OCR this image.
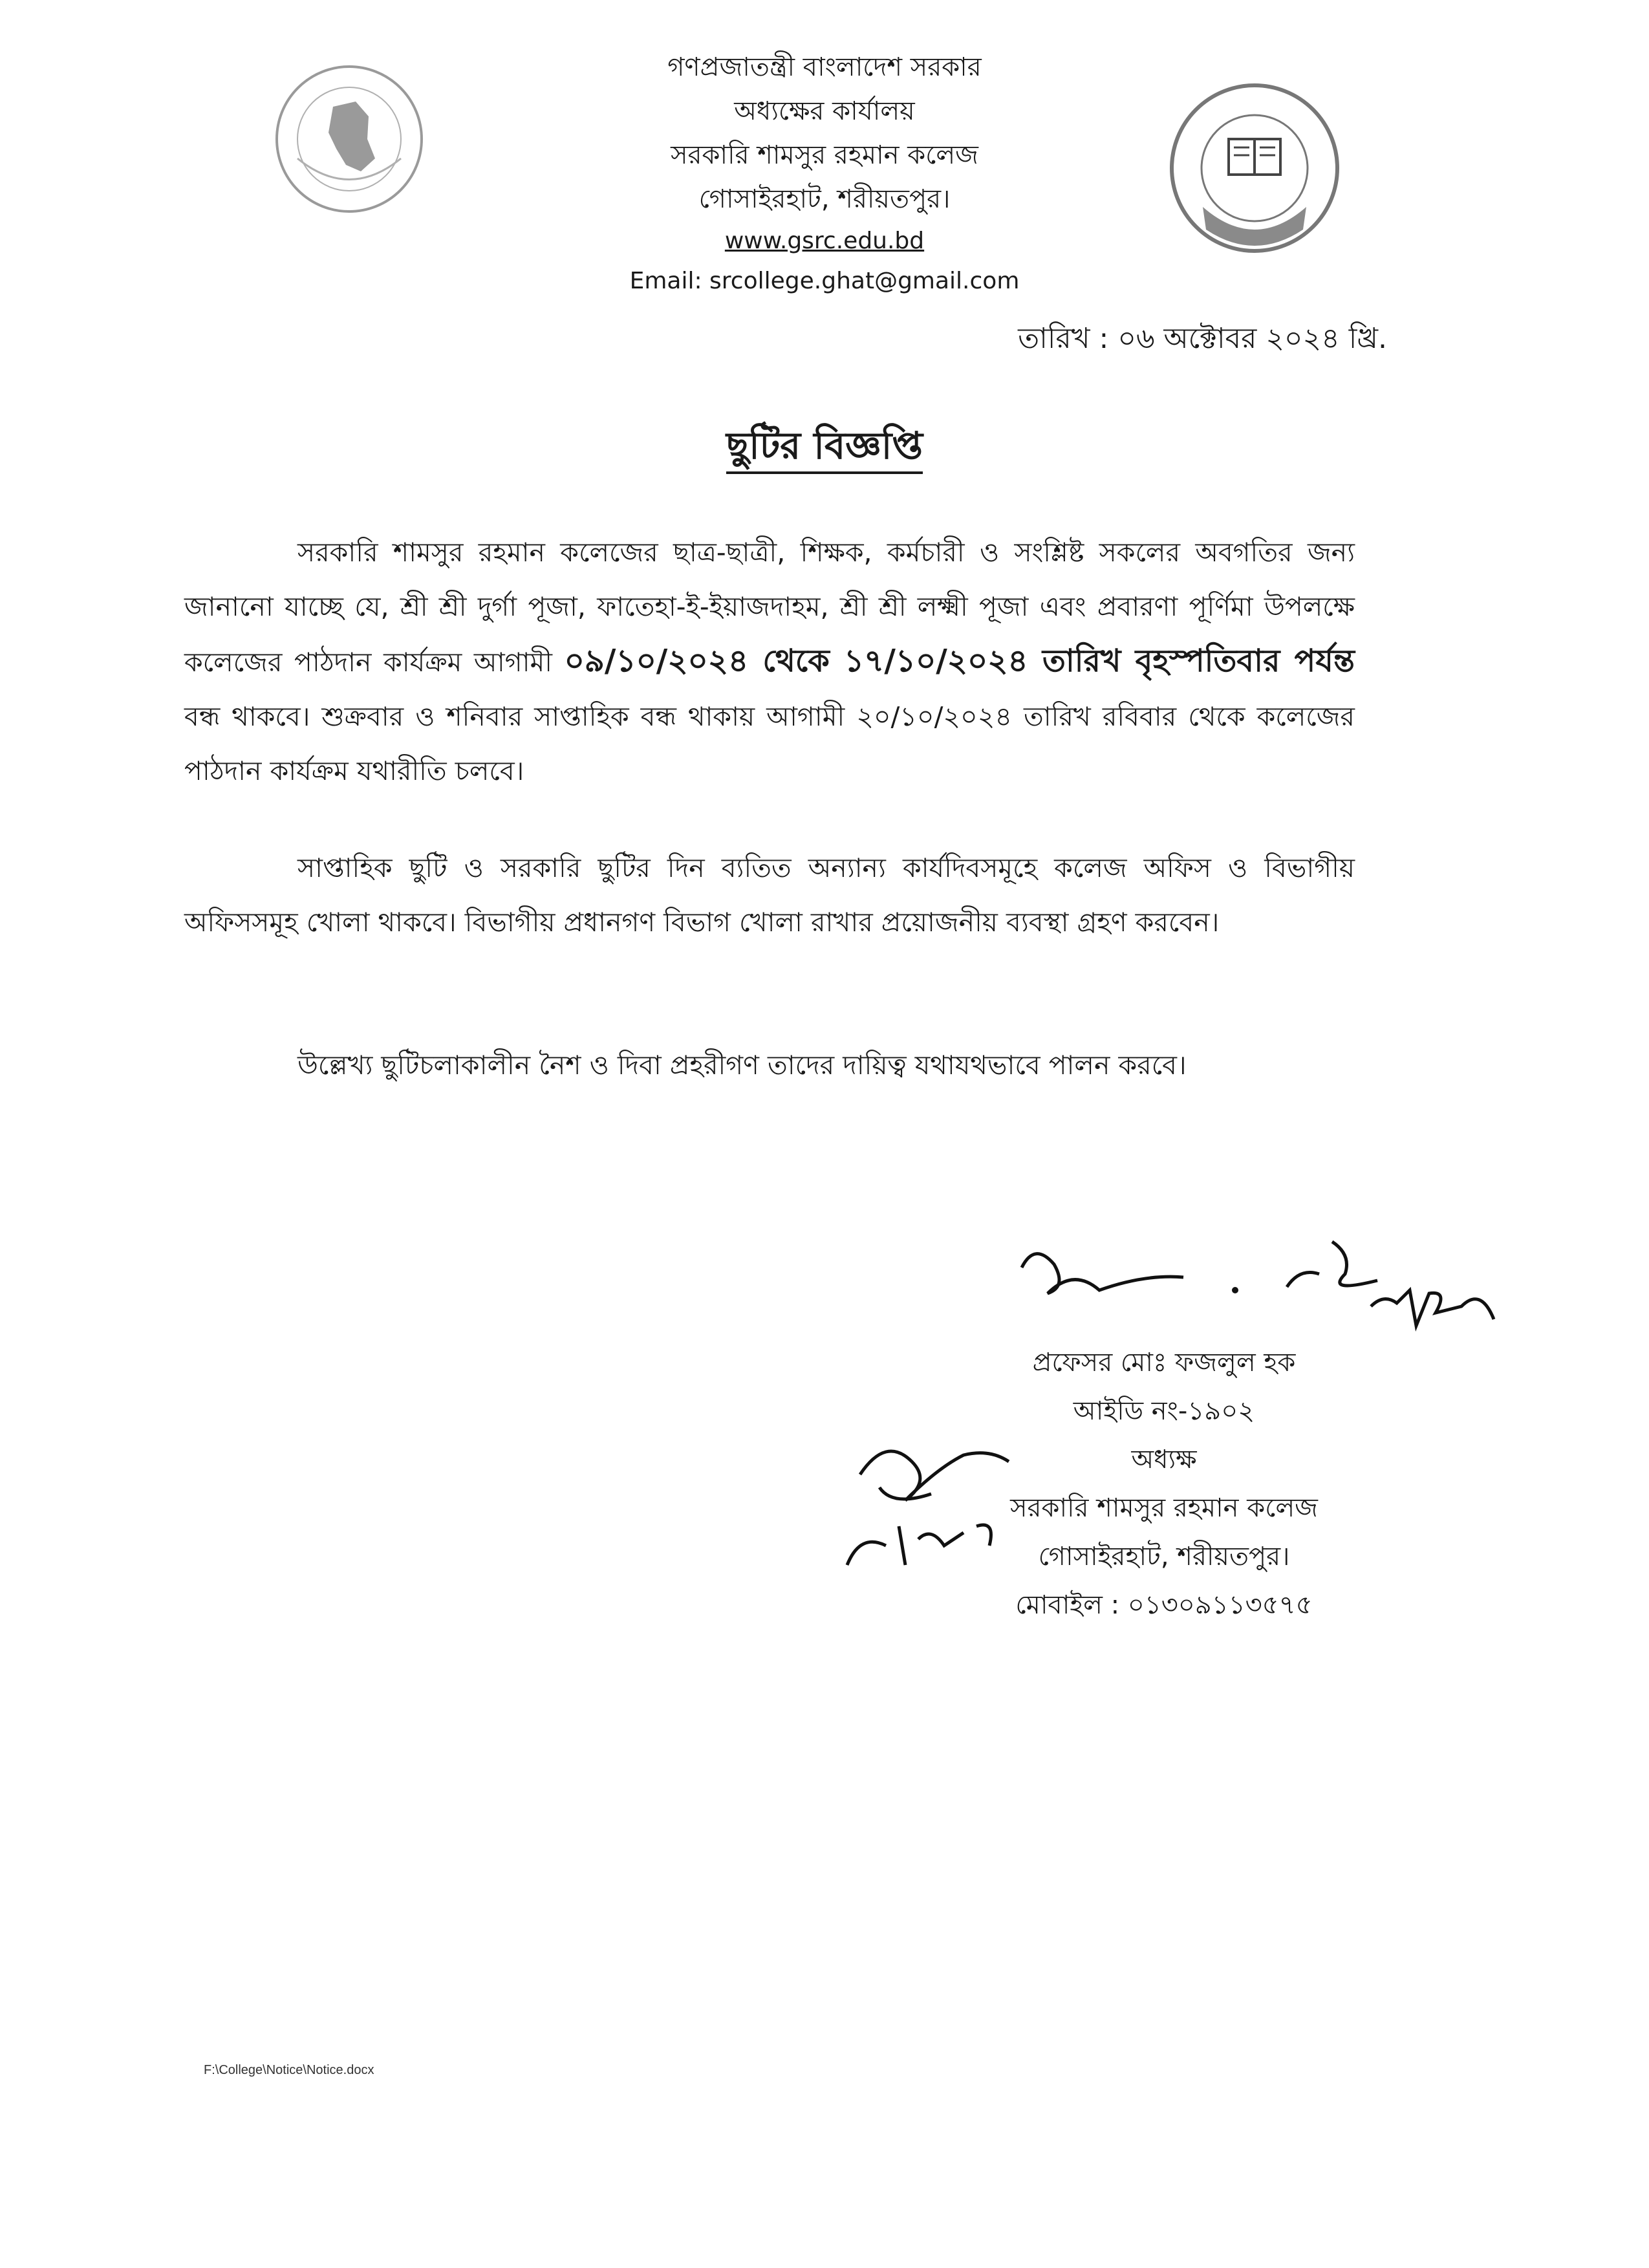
গণপ্রজাতন্ত্রী বাংলাদেশ সরকার
অধ্যক্ষের কার্যালয়
সরকারি শামসুর রহমান কলেজ
গোসাইরহাট, শরীয়তপুর।
www.gsrc.edu.bd
Email: srcollege.ghat@gmail.com
তারিখ : ০৬ অক্টোবর ২০২৪ খ্রি.
ছুটির বিজ্ঞপ্তি
সরকারি শামসুর রহমান কলেজের ছাত্র-ছাত্রী, শিক্ষক, কর্মচারী ও সংশ্লিষ্ট সকলের অবগতির জন্য জানানো যাচ্ছে যে, শ্রী শ্রী দুর্গা পূজা, ফাতেহা-ই-ইয়াজদাহম, শ্রী শ্রী লক্ষ্মী পূজা এবং প্রবারণা পূর্ণিমা উপলক্ষে কলেজের পাঠদান কার্যক্রম আগামী ০৯/১০/২০২৪ থেকে ১৭/১০/২০২৪ তারিখ বৃহস্পতিবার পর্যন্ত বন্ধ থাকবে। শুক্রবার ও শনিবার সাপ্তাহিক বন্ধ থাকায় আগামী ২০/১০/২০২৪ তারিখ রবিবার থেকে কলেজের পাঠদান কার্যক্রম যথারীতি চলবে।
সাপ্তাহিক ছুটি ও সরকারি ছুটির দিন ব্যতিত অন্যান্য কার্যদিবসমূহে কলেজ অফিস ও বিভাগীয় অফিসসমূহ খোলা থাকবে। বিভাগীয় প্রধানগণ বিভাগ খোলা রাখার প্রয়োজনীয় ব্যবস্থা গ্রহণ করবেন।
উল্লেখ্য ছুটিচলাকালীন নৈশ ও দিবা প্রহরীগণ তাদের দায়িত্ব যথাযথভাবে পালন করবে।
প্রফেসর মোঃ ফজলুল হক
আইডি নং-১৯০২
অধ্যক্ষ
সরকারি শামসুর রহমান কলেজ
গোসাইরহাট, শরীয়তপুর।
মোবাইল : ০১৩০৯১১৩৫৭৫
F:\College\Notice\Notice.docx
